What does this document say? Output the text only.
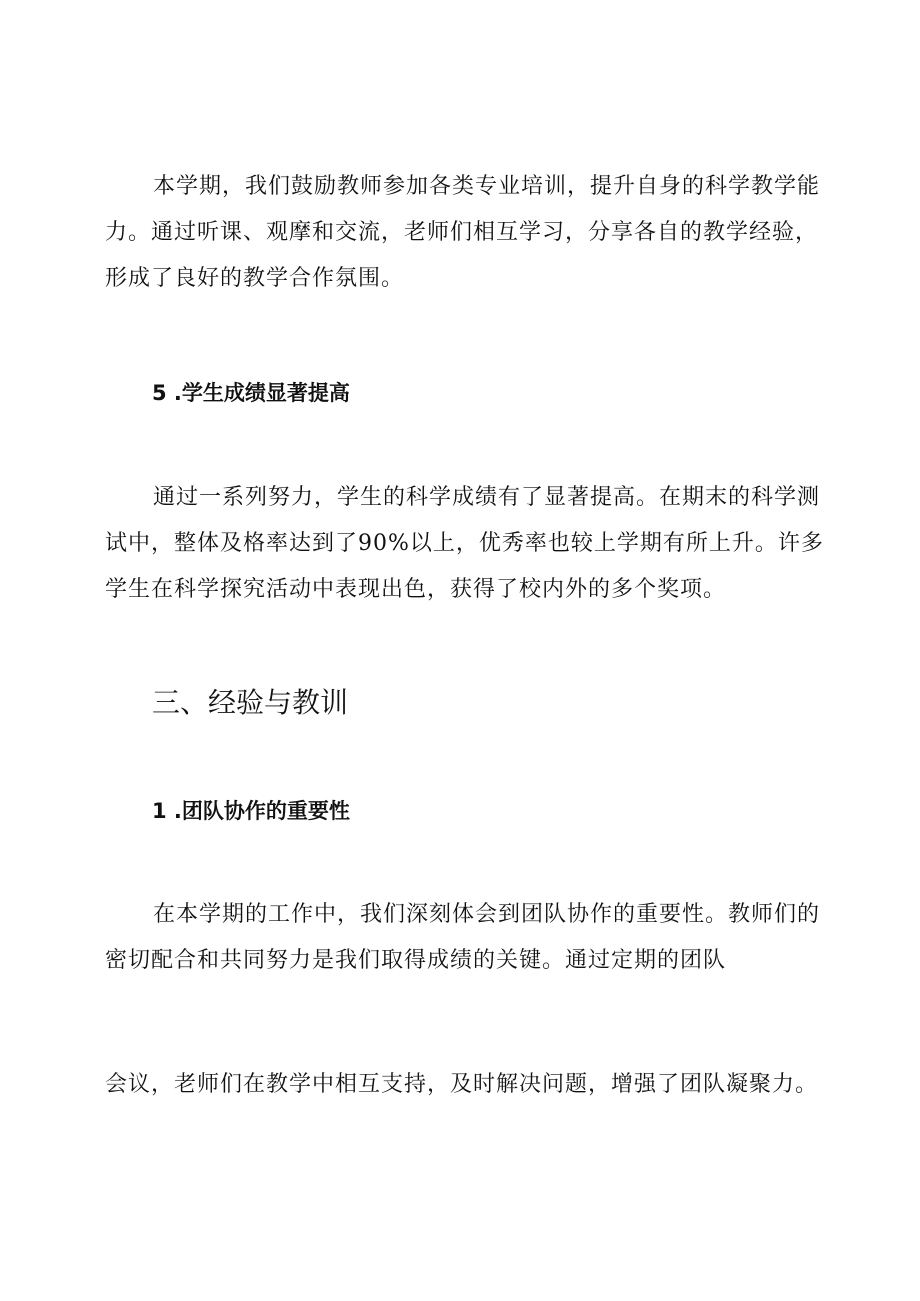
本学期，我们鼓励教师参加各类专业培训，提升自身的科学教学能
力。通过听课、观摩和交流，老师们相互学习，分享各自的教学经验，
形成了良好的教学合作氛围。

5 .学生成绩显著提高

通过一系列努力，学生的科学成绩有了显著提高。在期末的科学测
试中，整体及格率达到了90%以上，优秀率也较上学期有所上升。许多
学生在科学探究活动中表现出色，获得了校内外的多个奖项。

三、经验与教训
1 .团队协作的重要性

在本学期的工作中，我们深刻体会到团队协作的重要性。教师们的
密切配合和共同努力是我们取得成绩的关键。通过定期的团队

会议，老师们在教学中相互支持，及时解决问题，增强了团队凝聚力。
